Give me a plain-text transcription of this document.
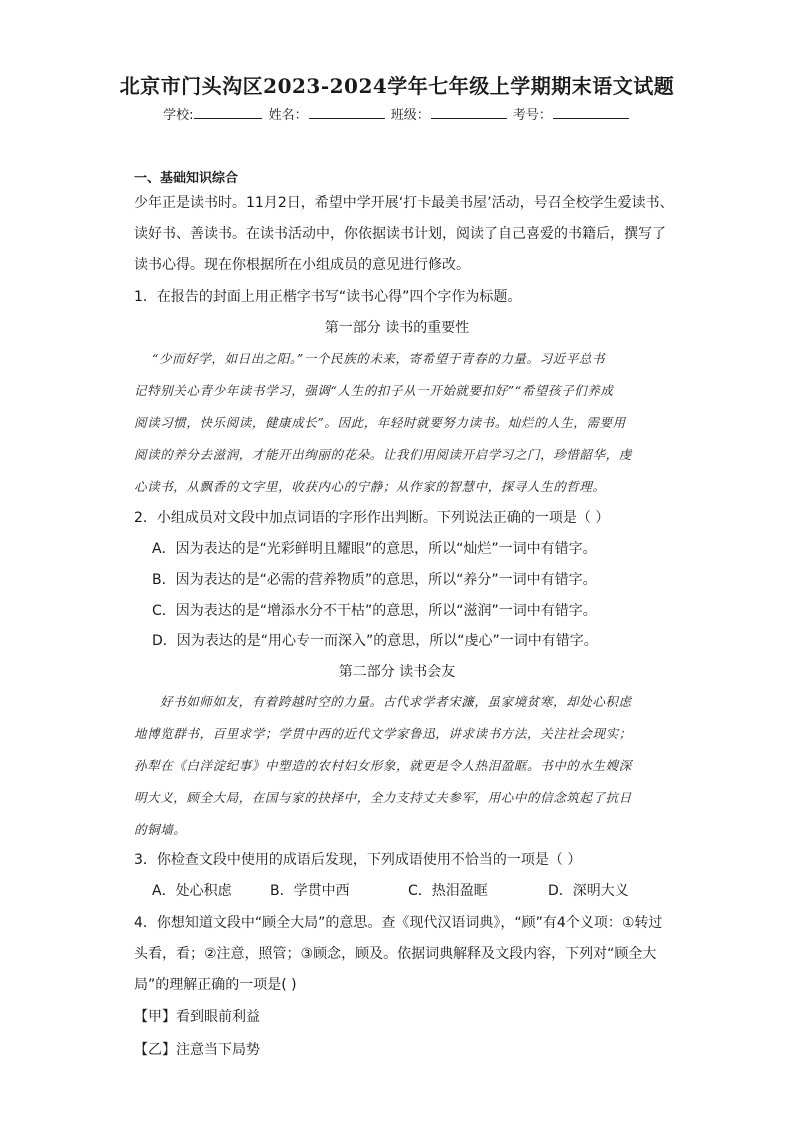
北京市门头沟区2023-2024学年七年级上学期期末语文试题
学校:	姓名：	班级：	考号：
一、基础知识综合
少年正是读书时。11月2日，希望中学开展‘打卡最美书屋’活动，号召全校学生爱读书、
读好书、善读书。在读书活动中，你依据读书计划，阅读了自己喜爱的书籍后，撰写了
读书心得。现在你根据所在小组成员的意见进行修改。
1．在报告的封面上用正楷字书写“读书心得”四个字作为标题。
第一部分 读书的重要性
“少而好学，如日出之阳。”一个民族的未来，寄希望于青春的力量。习近平总书
记特别关心青少年读书学习，强调“人生的扣子从一开始就要扣好”“希望孩子们养成
阅读习惯，快乐阅读，健康成长”。因此，年轻时就要努力读书。灿烂的人生，需要用
阅读的养分去滋润，才能开出绚丽的花朵。让我们用阅读开启学习之门，珍惜韶华，虔
心读书，从飘香的文字里，收获内心的宁静；从作家的智慧中，探寻人生的哲理。
2．小组成员对文段中加点词语的字形作出判断。下列说法正确的一项是（ ）
A．因为表达的是“光彩鲜明且耀眼”的意思，所以“灿烂”一词中有错字。
B．因为表达的是“必需的营养物质”的意思，所以“养分”一词中有错字。
C．因为表达的是“增添水分不干枯”的意思，所以“滋润”一词中有错字。
D．因为表达的是“用心专一而深入”的意思，所以“虔心”一词中有错字。
第二部分 读书会友
好书如师如友，有着跨越时空的力量。古代求学者宋濂，虽家境贫寒，却处心积虑
地博览群书，百里求学；学贯中西的近代文学家鲁迅，讲求读书方法，关注社会现实；
孙犁在《白洋淀纪事》中塑造的农村妇女形象，就更是令人热泪盈眶。书中的水生嫂深
明大义，顾全大局，在国与家的抉择中，全力支持丈夫参军，用心中的信念筑起了抗日
的铜墙。
3．你检查文段中使用的成语后发现，下列成语使用不恰当的一项是（ ）
A．处心积虑	B．学贯中西	C．热泪盈眶	D．深明大义
4．你想知道文段中“顾全大局”的意思。查《现代汉语词典》，“顾”有4个义项：①转过
头看，看；②注意，照管；③顾念，顾及。依据词典解释及文段内容，下列对“顾全大
局”的理解正确的一项是( )
【甲】看到眼前利益
【乙】注意当下局势
